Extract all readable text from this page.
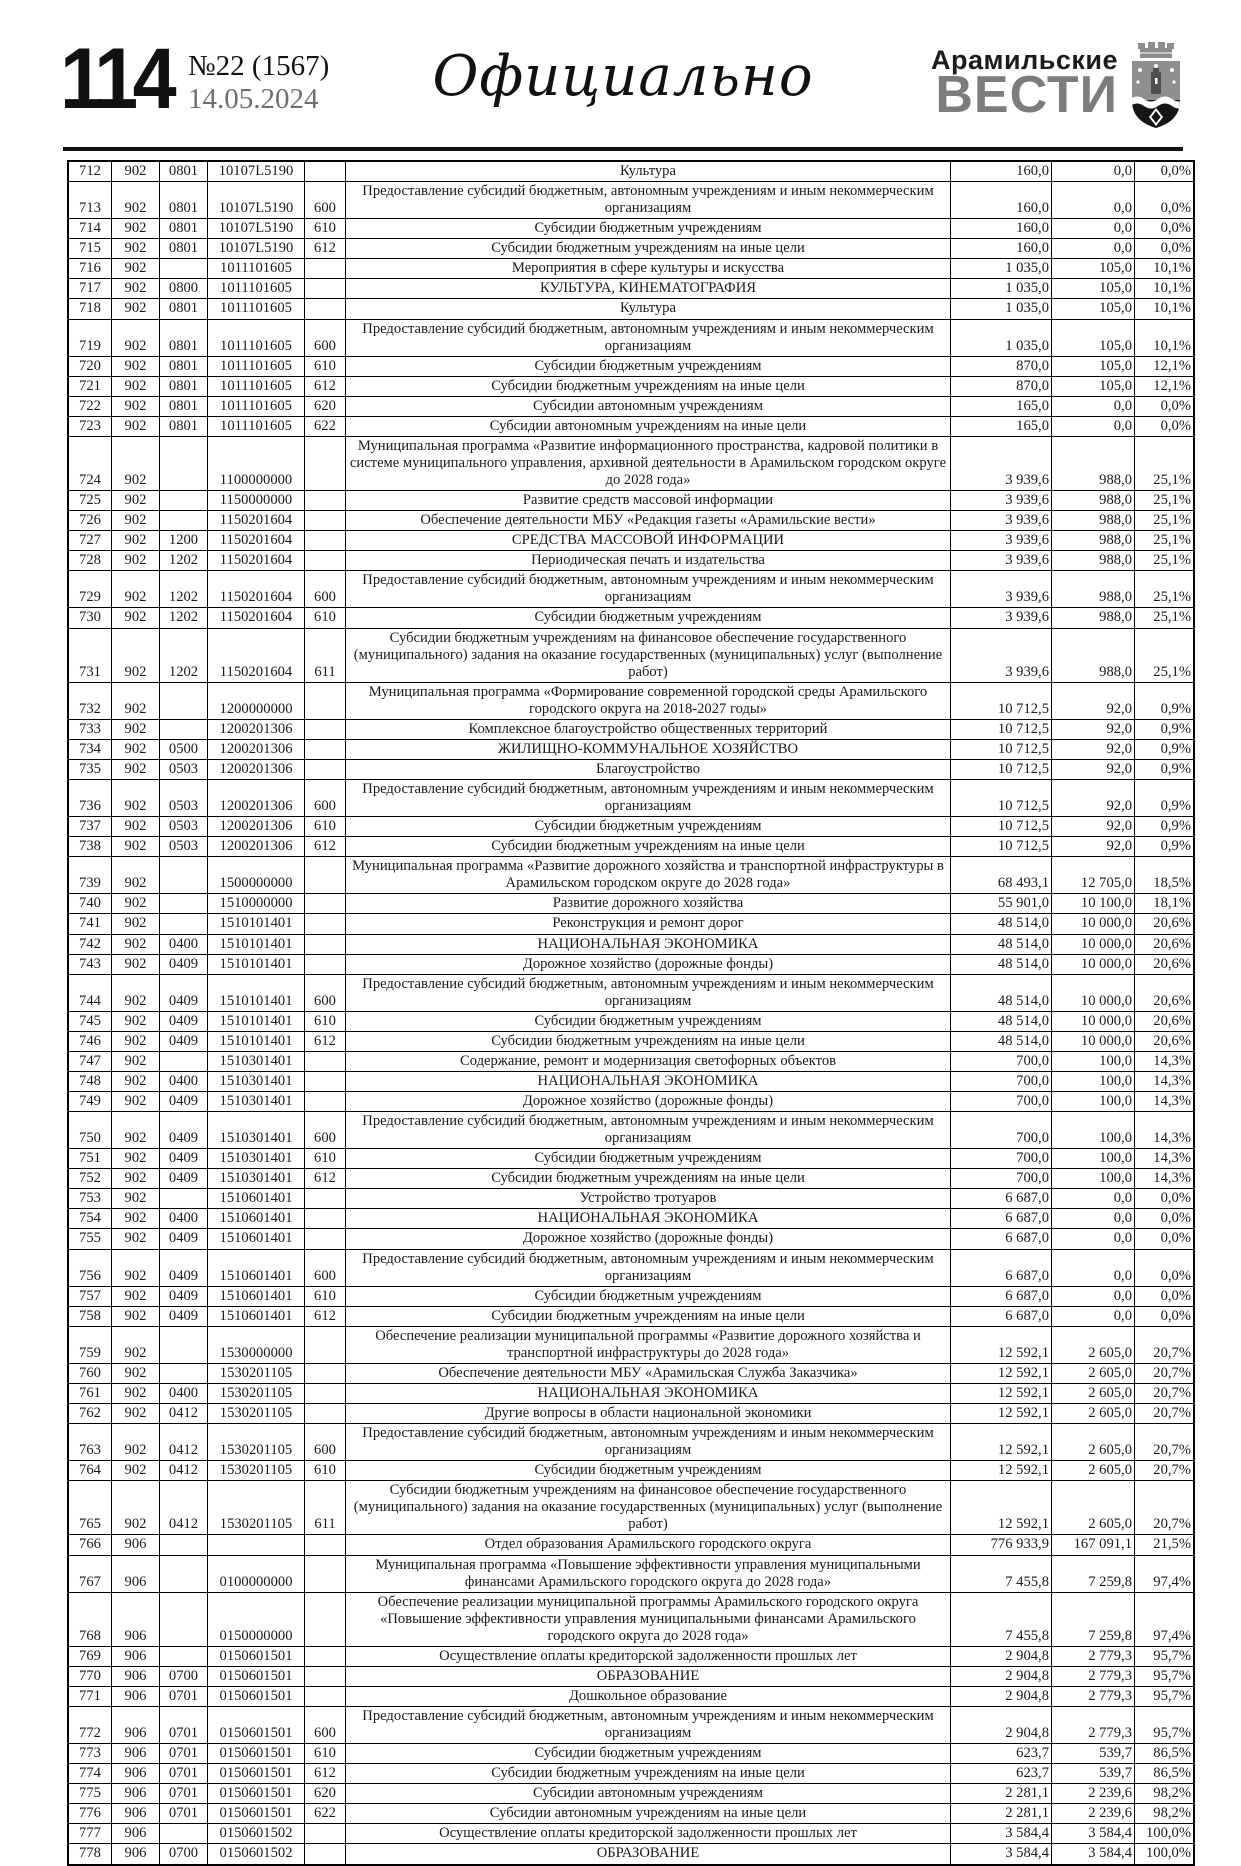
114 №22 (1567)
14.05.2024	Официально	Арамильские
ВЕСТИ
712	902	0801	10107L5190		Культура	160,0	0,0	0,0%
713	902	0801	10107L5190	600	Предоставление субсидий бюджетным, автономным учреждениям и иным некоммерческим организациям	160,0	0,0	0,0%
714	902	0801	10107L5190	610	Субсидии бюджетным учреждениям	160,0	0,0	0,0%
715	902	0801	10107L5190	612	Субсидии бюджетным учреждениям на иные цели	160,0	0,0	0,0%
716	902		1011101605		Мероприятия в сфере культуры и искусства	1 035,0	105,0	10,1%
717	902	0800	1011101605		КУЛЬТУРА, КИНЕМАТОГРАФИЯ	1 035,0	105,0	10,1%
718	902	0801	1011101605		Культура	1 035,0	105,0	10,1%
719	902	0801	1011101605	600	Предоставление субсидий бюджетным, автономным учреждениям и иным некоммерческим организациям	1 035,0	105,0	10,1%
720	902	0801	1011101605	610	Субсидии бюджетным учреждениям	870,0	105,0	12,1%
721	902	0801	1011101605	612	Субсидии бюджетным учреждениям на иные цели	870,0	105,0	12,1%
722	902	0801	1011101605	620	Субсидии автономным учреждениям	165,0	0,0	0,0%
723	902	0801	1011101605	622	Субсидии автономным учреждениям на иные цели	165,0	0,0	0,0%
724	902		1100000000		Муниципальная программа «Развитие информационного пространства, кадровой политики в системе муниципального управления, архивной деятельности в Арамильском городском округе до 2028 года»	3 939,6	988,0	25,1%
725	902		1150000000		Развитие средств массовой информации	3 939,6	988,0	25,1%
726	902		1150201604		Обеспечение деятельности МБУ «Редакция газеты «Арамильские вести»	3 939,6	988,0	25,1%
727	902	1200	1150201604		СРЕДСТВА МАССОВОЙ ИНФОРМАЦИИ	3 939,6	988,0	25,1%
728	902	1202	1150201604		Периодическая печать и издательства	3 939,6	988,0	25,1%
729	902	1202	1150201604	600	Предоставление субсидий бюджетным, автономным учреждениям и иным некоммерческим организациям	3 939,6	988,0	25,1%
730	902	1202	1150201604	610	Субсидии бюджетным учреждениям	3 939,6	988,0	25,1%
731	902	1202	1150201604	611	Субсидии бюджетным учреждениям на финансовое обеспечение государственного (муниципального) задания на оказание государственных (муниципальных) услуг (выполнение работ)	3 939,6	988,0	25,1%
732	902		1200000000		Муниципальная программа «Формирование современной городской среды Арамильского городского округа на 2018-2027 годы»	10 712,5	92,0	0,9%
733	902		1200201306		Комплексное благоустройство общественных территорий	10 712,5	92,0	0,9%
734	902	0500	1200201306		ЖИЛИЩНО-КОММУНАЛЬНОЕ ХОЗЯЙСТВО	10 712,5	92,0	0,9%
735	902	0503	1200201306		Благоустройство	10 712,5	92,0	0,9%
736	902	0503	1200201306	600	Предоставление субсидий бюджетным, автономным учреждениям и иным некоммерческим организациям	10 712,5	92,0	0,9%
737	902	0503	1200201306	610	Субсидии бюджетным учреждениям	10 712,5	92,0	0,9%
738	902	0503	1200201306	612	Субсидии бюджетным учреждениям на иные цели	10 712,5	92,0	0,9%
739	902		1500000000		Муниципальная программа «Развитие дорожного хозяйства и транспортной инфраструктуры в Арамильском городском округе до 2028 года»	68 493,1	12 705,0	18,5%
740	902		1510000000		Развитие дорожного хозяйства	55 901,0	10 100,0	18,1%
741	902		1510101401		Реконструкция и ремонт дорог	48 514,0	10 000,0	20,6%
742	902	0400	1510101401		НАЦИОНАЛЬНАЯ ЭКОНОМИКА	48 514,0	10 000,0	20,6%
743	902	0409	1510101401		Дорожное хозяйство (дорожные фонды)	48 514,0	10 000,0	20,6%
744	902	0409	1510101401	600	Предоставление субсидий бюджетным, автономным учреждениям и иным некоммерческим организациям	48 514,0	10 000,0	20,6%
745	902	0409	1510101401	610	Субсидии бюджетным учреждениям	48 514,0	10 000,0	20,6%
746	902	0409	1510101401	612	Субсидии бюджетным учреждениям на иные цели	48 514,0	10 000,0	20,6%
747	902		1510301401		Содержание, ремонт и модернизация светофорных объектов	700,0	100,0	14,3%
748	902	0400	1510301401		НАЦИОНАЛЬНАЯ ЭКОНОМИКА	700,0	100,0	14,3%
749	902	0409	1510301401		Дорожное хозяйство (дорожные фонды)	700,0	100,0	14,3%
750	902	0409	1510301401	600	Предоставление субсидий бюджетным, автономным учреждениям и иным некоммерческим организациям	700,0	100,0	14,3%
751	902	0409	1510301401	610	Субсидии бюджетным учреждениям	700,0	100,0	14,3%
752	902	0409	1510301401	612	Субсидии бюджетным учреждениям на иные цели	700,0	100,0	14,3%
753	902		1510601401		Устройство тротуаров	6 687,0	0,0	0,0%
754	902	0400	1510601401		НАЦИОНАЛЬНАЯ ЭКОНОМИКА	6 687,0	0,0	0,0%
755	902	0409	1510601401		Дорожное хозяйство (дорожные фонды)	6 687,0	0,0	0,0%
756	902	0409	1510601401	600	Предоставление субсидий бюджетным, автономным учреждениям и иным некоммерческим организациям	6 687,0	0,0	0,0%
757	902	0409	1510601401	610	Субсидии бюджетным учреждениям	6 687,0	0,0	0,0%
758	902	0409	1510601401	612	Субсидии бюджетным учреждениям на иные цели	6 687,0	0,0	0,0%
759	902		1530000000		Обеспечение реализации муниципальной программы «Развитие дорожного хозяйства и транспортной инфраструктуры до 2028 года»	12 592,1	2 605,0	20,7%
760	902		1530201105		Обеспечение деятельности МБУ «Арамильская Служба Заказчика»	12 592,1	2 605,0	20,7%
761	902	0400	1530201105		НАЦИОНАЛЬНАЯ ЭКОНОМИКА	12 592,1	2 605,0	20,7%
762	902	0412	1530201105		Другие вопросы в области национальной экономики	12 592,1	2 605,0	20,7%
763	902	0412	1530201105	600	Предоставление субсидий бюджетным, автономным учреждениям и иным некоммерческим организациям	12 592,1	2 605,0	20,7%
764	902	0412	1530201105	610	Субсидии бюджетным учреждениям	12 592,1	2 605,0	20,7%
765	902	0412	1530201105	611	Субсидии бюджетным учреждениям на финансовое обеспечение государственного (муниципального) задания на оказание государственных (муниципальных) услуг (выполнение работ)	12 592,1	2 605,0	20,7%
766	906				Отдел образования Арамильского городского округа	776 933,9	167 091,1	21,5%
767	906		0100000000		Муниципальная программа «Повышение эффективности управления муниципальными финансами Арамильского городского округа до 2028 года»	7 455,8	7 259,8	97,4%
768	906		0150000000		Обеспечение реализации муниципальной программы Арамильского городского округа «Повышение эффективности управления муниципальными финансами Арамильского городского округа до 2028 года»	7 455,8	7 259,8	97,4%
769	906		0150601501		Осуществление оплаты кредиторской задолженности прошлых лет	2 904,8	2 779,3	95,7%
770	906	0700	0150601501		ОБРАЗОВАНИЕ	2 904,8	2 779,3	95,7%
771	906	0701	0150601501		Дошкольное образование	2 904,8	2 779,3	95,7%
772	906	0701	0150601501	600	Предоставление субсидий бюджетным, автономным учреждениям и иным некоммерческим организациям	2 904,8	2 779,3	95,7%
773	906	0701	0150601501	610	Субсидии бюджетным учреждениям	623,7	539,7	86,5%
774	906	0701	0150601501	612	Субсидии бюджетным учреждениям на иные цели	623,7	539,7	86,5%
775	906	0701	0150601501	620	Субсидии автономным учреждениям	2 281,1	2 239,6	98,2%
776	906	0701	0150601501	622	Субсидии автономным учреждениям на иные цели	2 281,1	2 239,6	98,2%
777	906		0150601502		Осуществление оплаты кредиторской задолженности прошлых лет	3 584,4	3 584,4	100,0%
778	906	0700	0150601502		ОБРАЗОВАНИЕ	3 584,4	3 584,4	100,0%
